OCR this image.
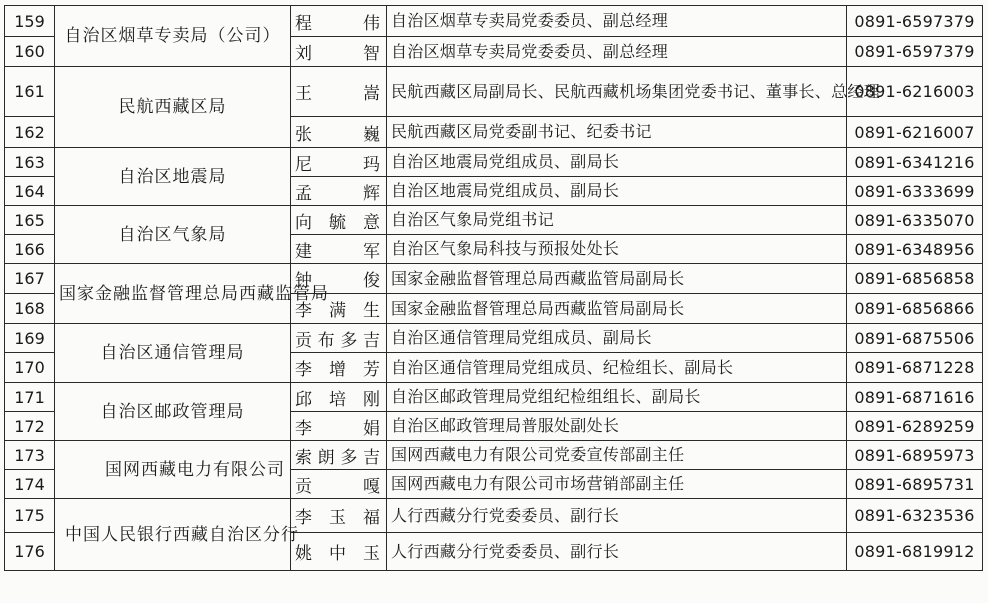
159	自治区烟草专卖局（公司）	程 伟	自治区烟草专卖局党委委员、副总经理	0891-6597379
160		刘 智	自治区烟草专卖局党委委员、副总经理	0891-6597379
161	民航西藏区局	王 嵩	民航西藏区局副局长、民航西藏机场集团党委书记、董事长、总经理	0891-6216003
162		张 巍	民航西藏区局党委副书记、纪委书记	0891-6216007
163	自治区地震局	尼 玛	自治区地震局党组成员、副局长	0891-6341216
164		孟 辉	自治区地震局党组成员、副局长	0891-6333699
165	自治区气象局	向毓意	自治区气象局党组书记	0891-6335070
166		建 军	自治区气象局科技与预报处处长	0891-6348956
167	国家金融监督管理总局西藏监管局	钟 俊	国家金融监督管理总局西藏监管局副局长	0891-6856858
168		李满生	国家金融监督管理总局西藏监管局副局长	0891-6856866
169	自治区通信管理局	贡布多吉	自治区通信管理局党组成员、副局长	0891-6875506
170		李增芳	自治区通信管理局党组成员、纪检组长、副局长	0891-6871228
171	自治区邮政管理局	邱培刚	自治区邮政管理局党组纪检组组长、副局长	0891-6871616
172		李 娟	自治区邮政管理局普服处副处长	0891-6289259
173	国网西藏电力有限公司	索朗多吉	国网西藏电力有限公司党委宣传部副主任	0891-6895973
174		贡 嘎	国网西藏电力有限公司市场营销部副主任	0891-6895731
175	中国人民银行西藏自治区分行	李玉福	人行西藏分行党委委员、副行长	0891-6323536
176		姚中玉	人行西藏分行党委委员、副行长	0891-6819912
